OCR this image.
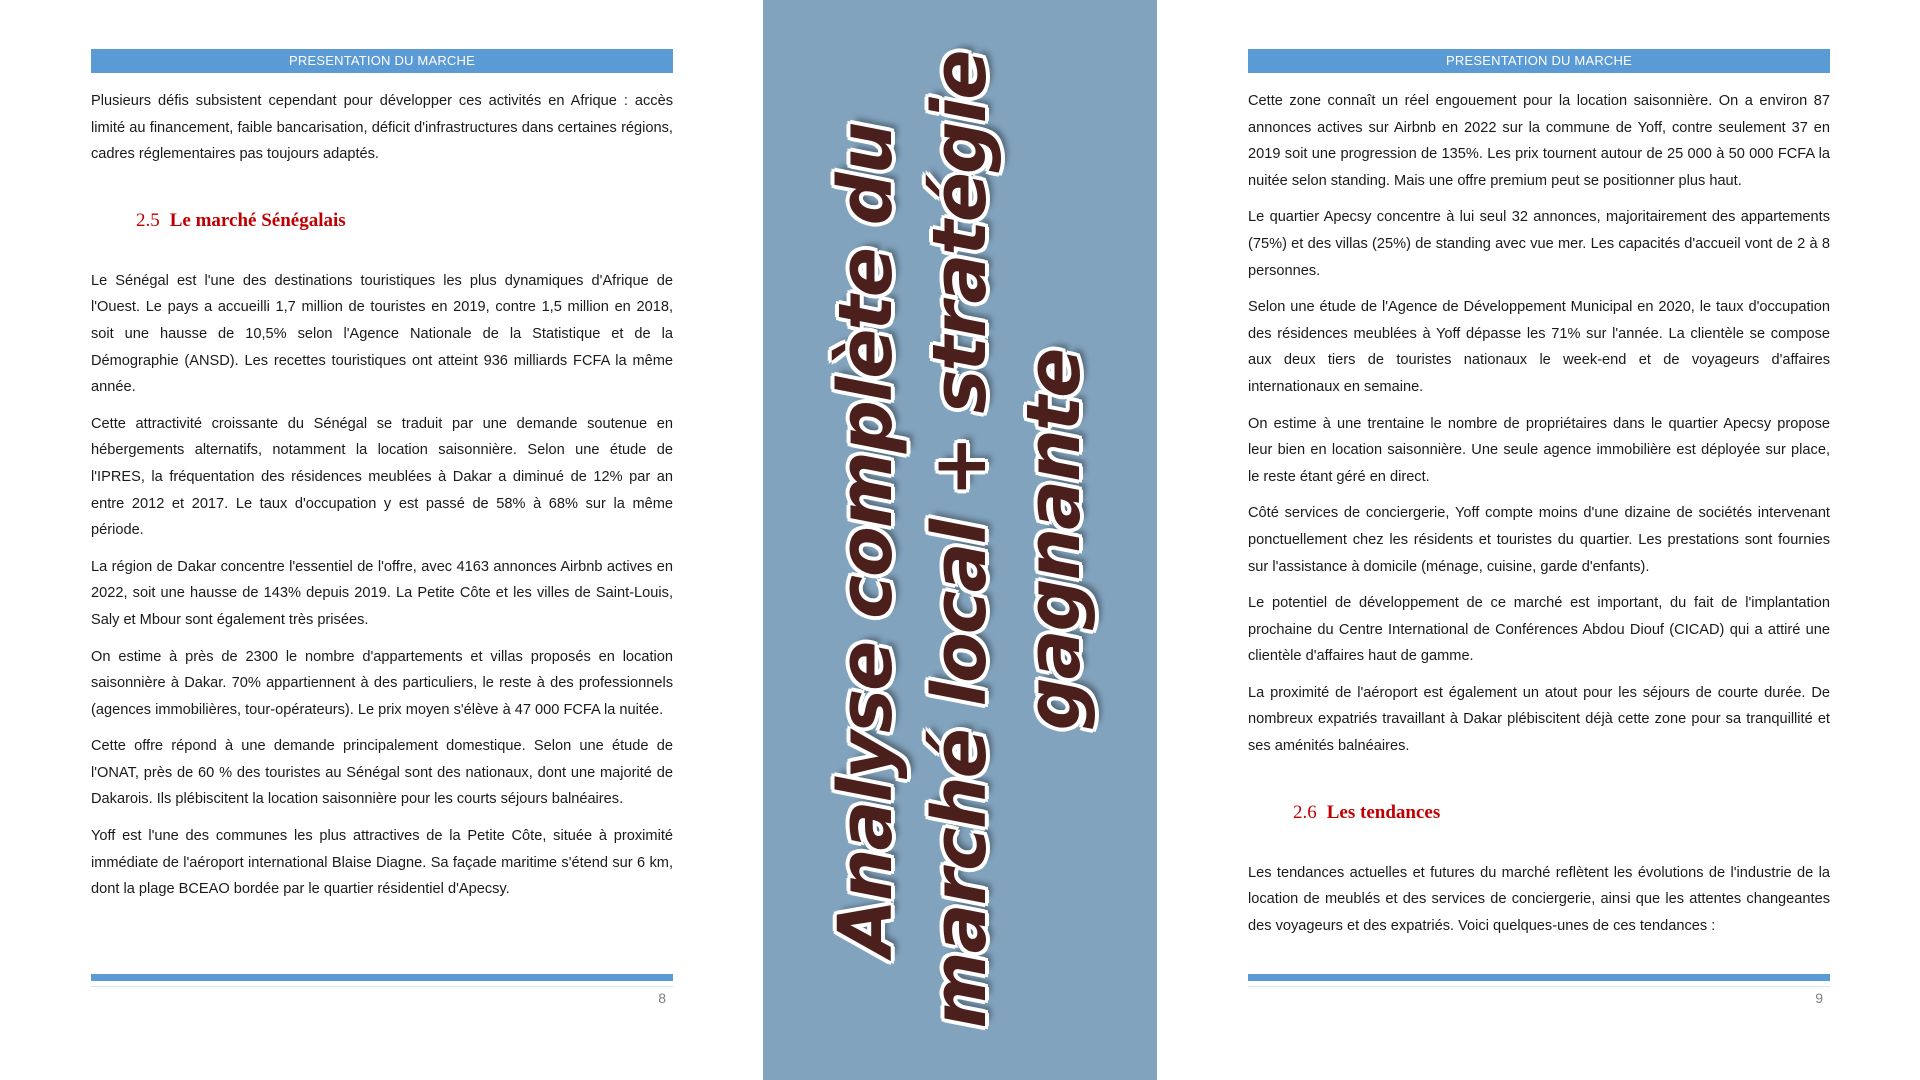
PRESENTATION DU MARCHE

Plusieurs défis subsistent cependant pour développer ces activités en Afrique : accès limité au financement, faible bancarisation, déficit d'infrastructures dans certaines régions, cadres réglementaires pas toujours adaptés.

2.5 Le marché Sénégalais

Le Sénégal est l'une des destinations touristiques les plus dynamiques d'Afrique de l'Ouest. Le pays a accueilli 1,7 million de touristes en 2019, contre 1,5 million en 2018, soit une hausse de 10,5% selon l'Agence Nationale de la Statistique et de la Démographie (ANSD). Les recettes touristiques ont atteint 936 milliards FCFA la même année.

Cette attractivité croissante du Sénégal se traduit par une demande soutenue en hébergements alternatifs, notamment la location saisonnière. Selon une étude de l'IPRES, la fréquentation des résidences meublées à Dakar a diminué de 12% par an entre 2012 et 2017. Le taux d'occupation y est passé de 58% à 68% sur la même période.

La région de Dakar concentre l'essentiel de l'offre, avec 4163 annonces Airbnb actives en 2022, soit une hausse de 143% depuis 2019. La Petite Côte et les villes de Saint-Louis, Saly et Mbour sont également très prisées.

On estime à près de 2300 le nombre d'appartements et villas proposés en location saisonnière à Dakar. 70% appartiennent à des particuliers, le reste à des professionnels (agences immobilières, tour-opérateurs). Le prix moyen s'élève à 47 000 FCFA la nuitée.

Cette offre répond à une demande principalement domestique. Selon une étude de l'ONAT, près de 60 % des touristes au Sénégal sont des nationaux, dont une majorité de Dakarois. Ils plébiscitent la location saisonnière pour les courts séjours balnéaires.

Yoff est l'une des communes les plus attractives de la Petite Côte, située à proximité immédiate de l'aéroport international Blaise Diagne. Sa façade maritime s'étend sur 6 km, dont la plage BCEAO bordée par le quartier résidentiel d'Apecsy.

8
Analyse complète du marché local + stratégie gagnante
PRESENTATION DU MARCHE

Cette zone connaît un réel engouement pour la location saisonnière. On a environ 87 annonces actives sur Airbnb en 2022 sur la commune de Yoff, contre seulement 37 en 2019 soit une progression de 135%. Les prix tournent autour de 25 000 à 50 000 FCFA la nuitée selon standing. Mais une offre premium peut se positionner plus haut.

Le quartier Apecsy concentre à lui seul 32 annonces, majoritairement des appartements (75%) et des villas (25%) de standing avec vue mer. Les capacités d'accueil vont de 2 à 8 personnes.

Selon une étude de l'Agence de Développement Municipal en 2020, le taux d'occupation des résidences meublées à Yoff dépasse les 71% sur l'année. La clientèle se compose aux deux tiers de touristes nationaux le week-end et de voyageurs d'affaires internationaux en semaine.

On estime à une trentaine le nombre de propriétaires dans le quartier Apecsy propose leur bien en location saisonnière. Une seule agence immobilière est déployée sur place, le reste étant géré en direct.

Côté services de conciergerie, Yoff compte moins d'une dizaine de sociétés intervenant ponctuellement chez les résidents et touristes du quartier. Les prestations sont fournies sur l'assistance à domicile (ménage, cuisine, garde d'enfants).

Le potentiel de développement de ce marché est important, du fait de l'implantation prochaine du Centre International de Conférences Abdou Diouf (CICAD) qui a attiré une clientèle d'affaires haut de gamme.

La proximité de l'aéroport est également un atout pour les séjours de courte durée. De nombreux expatriés travaillant à Dakar plébiscitent déjà cette zone pour sa tranquillité et ses aménités balnéaires.

2.6 Les tendances

Les tendances actuelles et futures du marché reflètent les évolutions de l'industrie de la location de meublés et des services de conciergerie, ainsi que les attentes changeantes des voyageurs et des expatriés. Voici quelques-unes de ces tendances :

9
